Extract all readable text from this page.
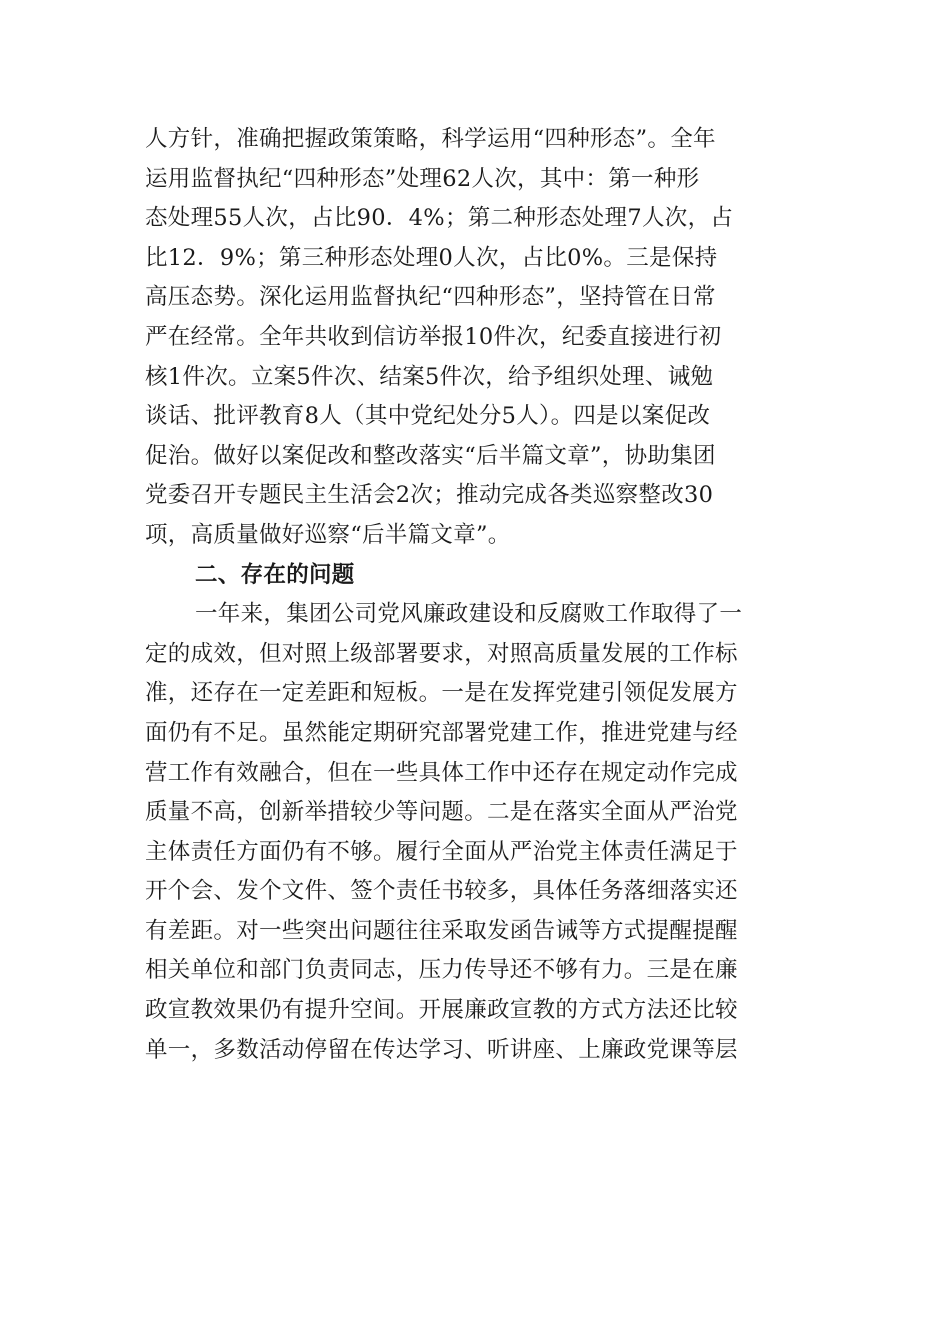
人方针，准确把握政策策略，科学运用“四种形态”。全年
运用监督执纪“四种形态”处理62人次，其中：第一种形
态处理55人次，占比90．4%；第二种形态处理7人次，占
比12．9%；第三种形态处理0人次，占比0%。三是保持
高压态势。深化运用监督执纪“四种形态”，坚持管在日常
严在经常。全年共收到信访举报10件次，纪委直接进行初
核1件次。立案5件次、结案5件次，给予组织处理、诫勉
谈话、批评教育8人（其中党纪处分5人）。四是以案促改
促治。做好以案促改和整改落实“后半篇文章”，协助集团
党委召开专题民主生活会2次；推动完成各类巡察整改30
项，高质量做好巡察“后半篇文章”。
二、存在的问题
一年来，集团公司党风廉政建设和反腐败工作取得了一
定的成效，但对照上级部署要求，对照高质量发展的工作标
准，还存在一定差距和短板。一是在发挥党建引领促发展方
面仍有不足。虽然能定期研究部署党建工作，推进党建与经
营工作有效融合，但在一些具体工作中还存在规定动作完成
质量不高，创新举措较少等问题。二是在落实全面从严治党
主体责任方面仍有不够。履行全面从严治党主体责任满足于
开个会、发个文件、签个责任书较多，具体任务落细落实还
有差距。对一些突出问题往往采取发函告诫等方式提醒提醒
相关单位和部门负责同志，压力传导还不够有力。三是在廉
政宣教效果仍有提升空间。开展廉政宣教的方式方法还比较
单一，多数活动停留在传达学习、听讲座、上廉政党课等层
